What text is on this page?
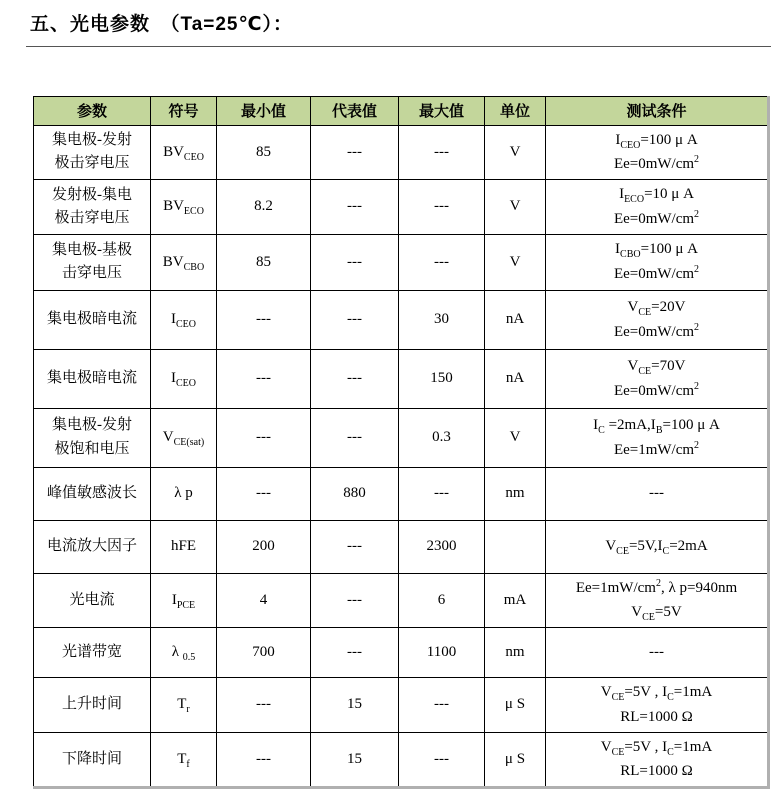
五、光电参数　（Ta=25℃）：
参数	符号	最小值	代表值	最大值	单位	测试条件
集电极-发射
极击穿电压	$BV_{CEO}$	85	---	---	V	
$I_{CEO}=100$ μ A
$Ee=0mW/cm^2$

发射极-集电
极击穿电压	$BV_{ECO}$	8.2	---	---	V	
$I_{ECO}=10$ μ A
$Ee=0mW/cm^2$

集电极-基极
击穿电压	$BV_{CBO}$	85	---	---	V	
$I_{CBO}=100$ μ A
$Ee=0mW/cm^2$

集电极暗电流	$I_{CEO}$	---	---	30	nA	$V_{CE}=20V$
$Ee=0mW/cm^2$

集电极暗电流	$I_{CEO}$	---	---	150	nA	$V_{CE}=70V$
$Ee=0mW/cm^2$

集电极-发射
极饱和电压	$V_{CE(sat)}$	---	---	0.3	V	
$I_C =2mA,I_B=100$ μ A
$Ee=1mW/cm^2$

峰值敏感波长	λ p	---	880	---	nm	---

电流放大因子	hFE	200	---	2300		$V_{CE}=5V,I_C=2mA$

光电流	$I_{PCE}$	4	---	6	mA	$Ee=1mW/cm^2$, λ p=940nm
$V_{CE}=5V$

光谱带宽	λ $_{0.5}$	700	---	1100	nm	---

上升时间	$T_r$	---	15	---	μ S	$V_{CE}=5V$ , $I_C=1mA$
RL=1000 Ω

下降时间	$T_f$	---	15	---	μ S	$V_{CE}=5V$ , $I_C=1mA$
RL=1000 Ω
